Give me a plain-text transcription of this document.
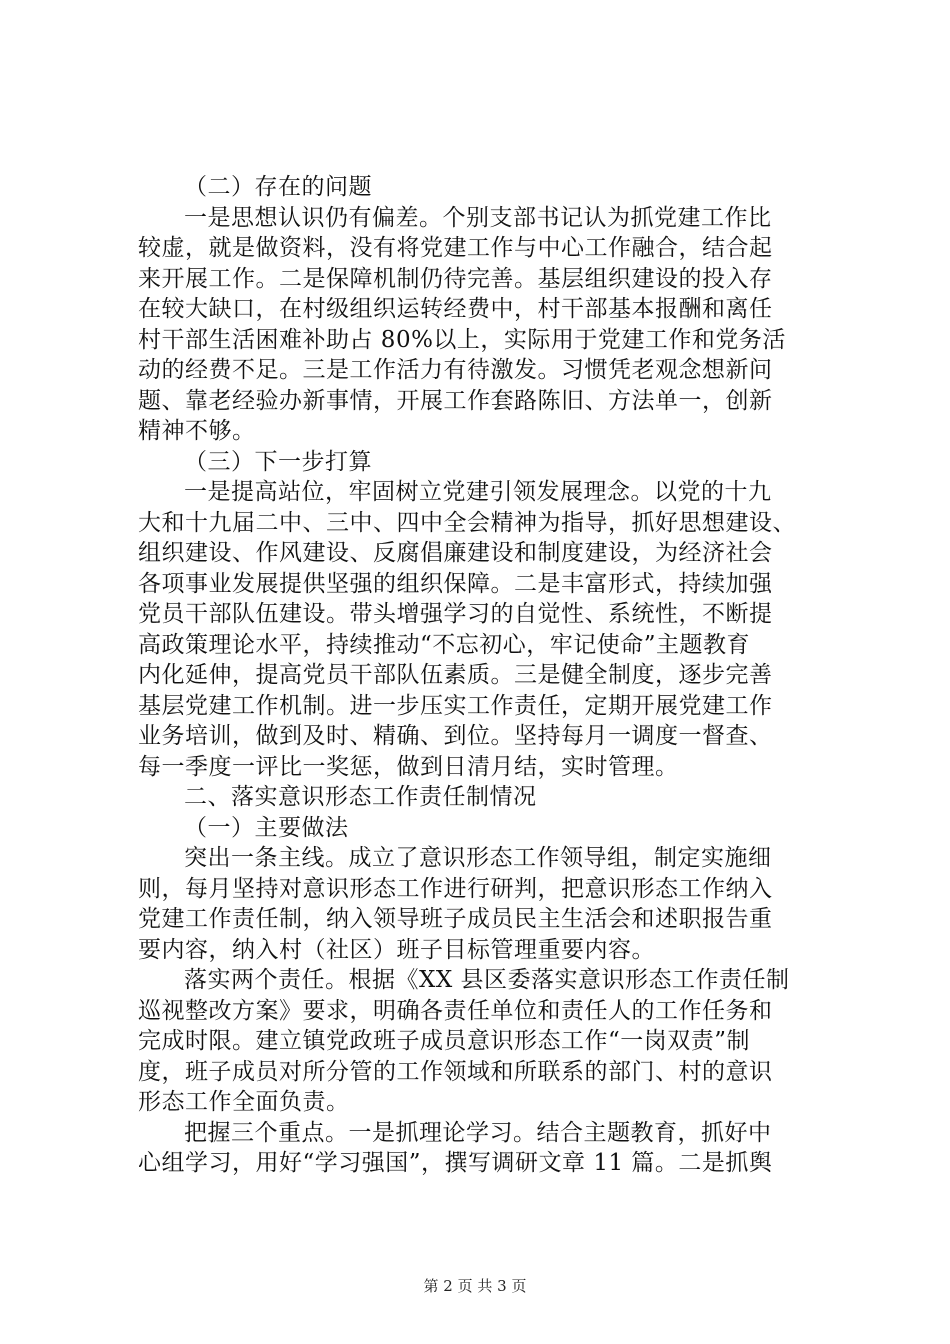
（二）存在的问题
一是思想认识仍有偏差。个别支部书记认为抓党建工作比
较虚，就是做资料，没有将党建工作与中心工作融合，结合起
来开展工作。二是保障机制仍待完善。基层组织建设的投入存
在较大缺口，在村级组织运转经费中，村干部基本报酬和离任
村干部生活困难补助占 80%以上，实际用于党建工作和党务活
动的经费不足。三是工作活力有待激发。习惯凭老观念想新问
题、靠老经验办新事情，开展工作套路陈旧、方法单一，创新
精神不够。
（三）下一步打算
一是提高站位，牢固树立党建引领发展理念。以党的十九
大和十九届二中、三中、四中全会精神为指导，抓好思想建设、
组织建设、作风建设、反腐倡廉建设和制度建设，为经济社会
各项事业发展提供坚强的组织保障。二是丰富形式，持续加强
党员干部队伍建设。带头增强学习的自觉性、系统性，不断提
高政策理论水平，持续推动“不忘初心，牢记使命”主题教育
内化延伸，提高党员干部队伍素质。三是健全制度，逐步完善
基层党建工作机制。进一步压实工作责任，定期开展党建工作
业务培训，做到及时、精确、到位。坚持每月一调度一督查、
每一季度一评比一奖惩，做到日清月结，实时管理。
二、落实意识形态工作责任制情况
（一）主要做法
突出一条主线。成立了意识形态工作领导组，制定实施细
则，每月坚持对意识形态工作进行研判，把意识形态工作纳入
党建工作责任制，纳入领导班子成员民主生活会和述职报告重
要内容，纳入村（社区）班子目标管理重要内容。
落实两个责任。根据《XX 县区委落实意识形态工作责任制
巡视整改方案》要求，明确各责任单位和责任人的工作任务和
完成时限。建立镇党政班子成员意识形态工作“一岗双责”制
度，班子成员对所分管的工作领域和所联系的部门、村的意识
形态工作全面负责。
把握三个重点。一是抓理论学习。结合主题教育，抓好中
心组学习，用好“学习强国”，撰写调研文章 11 篇。二是抓舆
第 2 页 共 3 页
